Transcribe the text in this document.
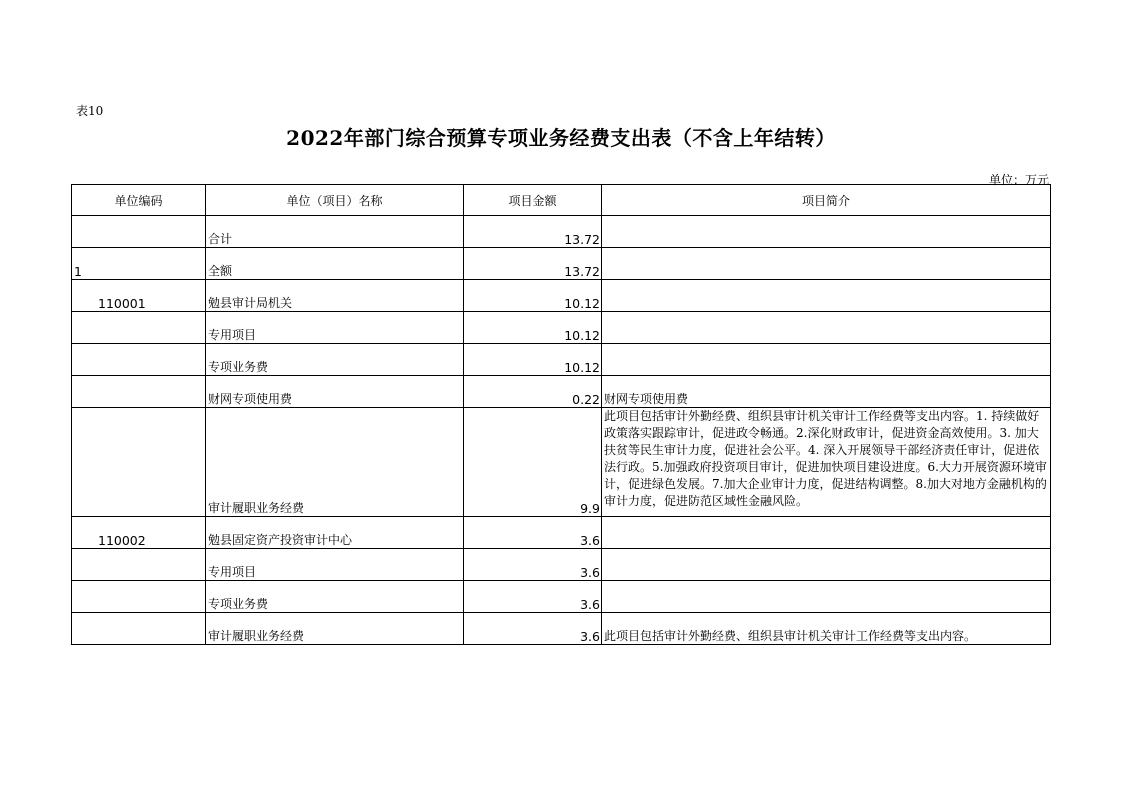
表10
2022年部门综合预算专项业务经费支出表（不含上年结转）
单位：万元
单位编码	单位（项目）名称	项目金额	项目简介
	合计	13.72	
1	全额	13.72	
110001	勉县审计局机关	10.12	
	专用项目	10.12	
	专项业务费	10.12	
	财网专项使用费	0.22	财网专项使用费
	审计履职业务经费	9.9	此项目包括审计外勤经费、组织县审计机关审计工作经费等支出内容。1. 持续做好政策落实跟踪审计，促进政令畅通。2.深化财政审计，促进资金高效使用。3. 加大扶贫等民生审计力度，促进社会公平。4. 深入开展领导干部经济责任审计，促进依法行政。5.加强政府投资项目审计，促进加快项目建设进度。6.大力开展资源环境审计，促进绿色发展。7.加大企业审计力度，促进结构调整。8.加大对地方金融机构的审计力度，促进防范区域性金融风险。
110002	勉县固定资产投资审计中心	3.6	
	专用项目	3.6	
	专项业务费	3.6	
	审计履职业务经费	3.6	此项目包括审计外勤经费、组织县审计机关审计工作经费等支出内容。
